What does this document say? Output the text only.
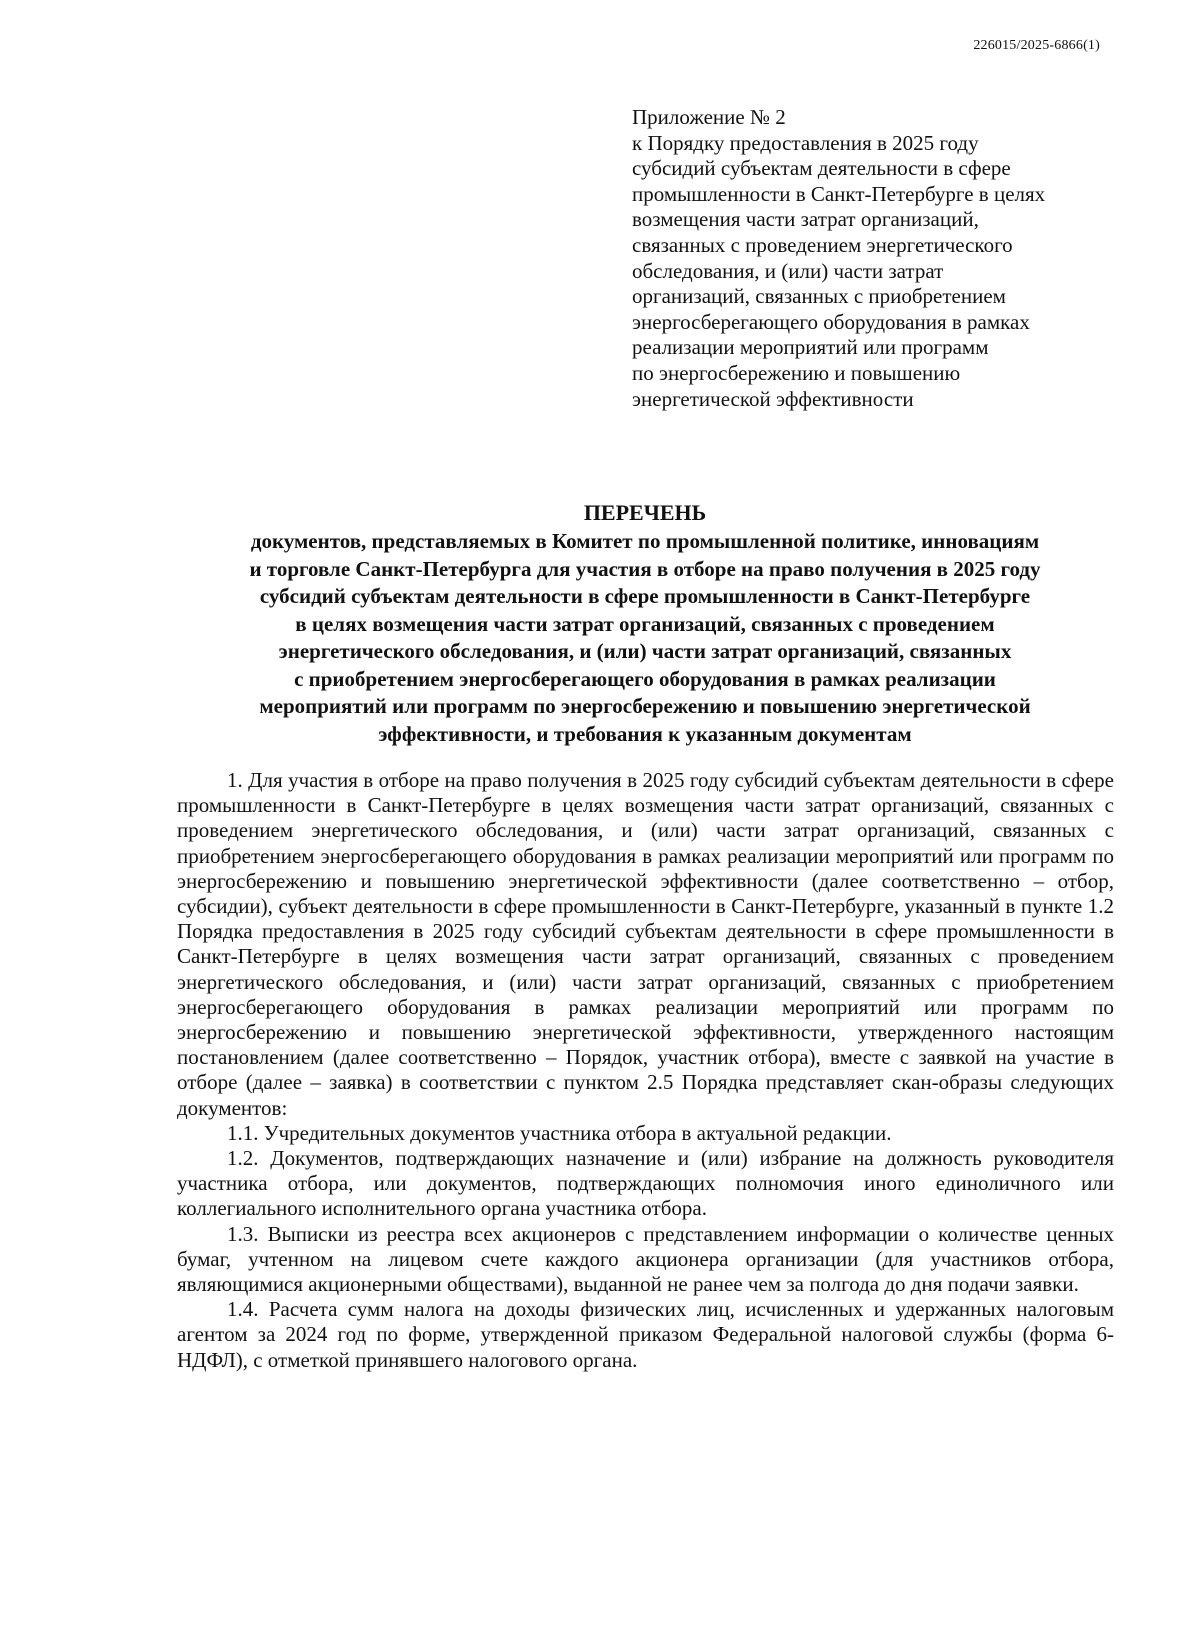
226015/2025-6866(1)
Приложение № 2
к Порядку предоставления в 2025 году
субсидий субъектам деятельности в сфере
промышленности в Санкт-Петербурге в целях
возмещения части затрат организаций,
связанных с проведением энергетического
обследования, и (или) части затрат
организаций, связанных с приобретением
энергосберегающего оборудования в рамках
реализации мероприятий или программ
по энергосбережению и повышению
энергетической эффективности
ПЕРЕЧЕНЬ
документов, представляемых в Комитет по промышленной политике, инновациям
и торговле Санкт-Петербурга для участия в отборе на право получения в 2025 году
субсидий субъектам деятельности в сфере промышленности в Санкт-Петербурге
в целях возмещения части затрат организаций, связанных с проведением
энергетического обследования, и (или) части затрат организаций, связанных
с приобретением энергосберегающего оборудования в рамках реализации
мероприятий или программ по энергосбережению и повышению энергетической
эффективности, и требования к указанным документам

1. Для участия в отборе на право получения в 2025 году субсидий субъектам деятельности в сфере промышленности в Санкт-Петербурге в целях возмещения части затрат организаций, связанных с проведением энергетического обследования, и (или) части затрат организаций, связанных с приобретением энергосберегающего оборудования в рамках реализации мероприятий или программ по энергосбережению и повышению энергетической эффективности (далее соответственно – отбор, субсидии), субъект деятельности в сфере промышленности в Санкт-Петербурге, указанный в пункте 1.2 Порядка предоставления в 2025 году субсидий субъектам деятельности в сфере промышленности в Санкт-Петербурге в целях возмещения части затрат организаций, связанных с проведением энергетического обследования, и (или) части затрат организаций, связанных с приобретением энергосберегающего оборудования в рамках реализации мероприятий или программ по энергосбережению и повышению энергетической эффективности, утвержденного настоящим постановлением (далее соответственно – Порядок, участник отбора), вместе с заявкой на участие в отборе (далее – заявка) в соответствии с пунктом 2.5 Порядка представляет скан-образы следующих документов:

1.1. Учредительных документов участника отбора в актуальной редакции.

1.2. Документов, подтверждающих назначение и (или) избрание на должность руководителя участника отбора, или документов, подтверждающих полномочия иного единоличного или коллегиального исполнительного органа участника отбора.

1.3. Выписки из реестра всех акционеров с представлением информации о количестве ценных бумаг, учтенном на лицевом счете каждого акционера организации (для участников отбора, являющимися акционерными обществами), выданной не ранее чем за полгода до дня подачи заявки.

1.4. Расчета сумм налога на доходы физических лиц, исчисленных и удержанных налоговым агентом за 2024 год по форме, утвержденной приказом Федеральной налоговой службы (форма 6-НДФЛ), с отметкой принявшего налогового органа.
